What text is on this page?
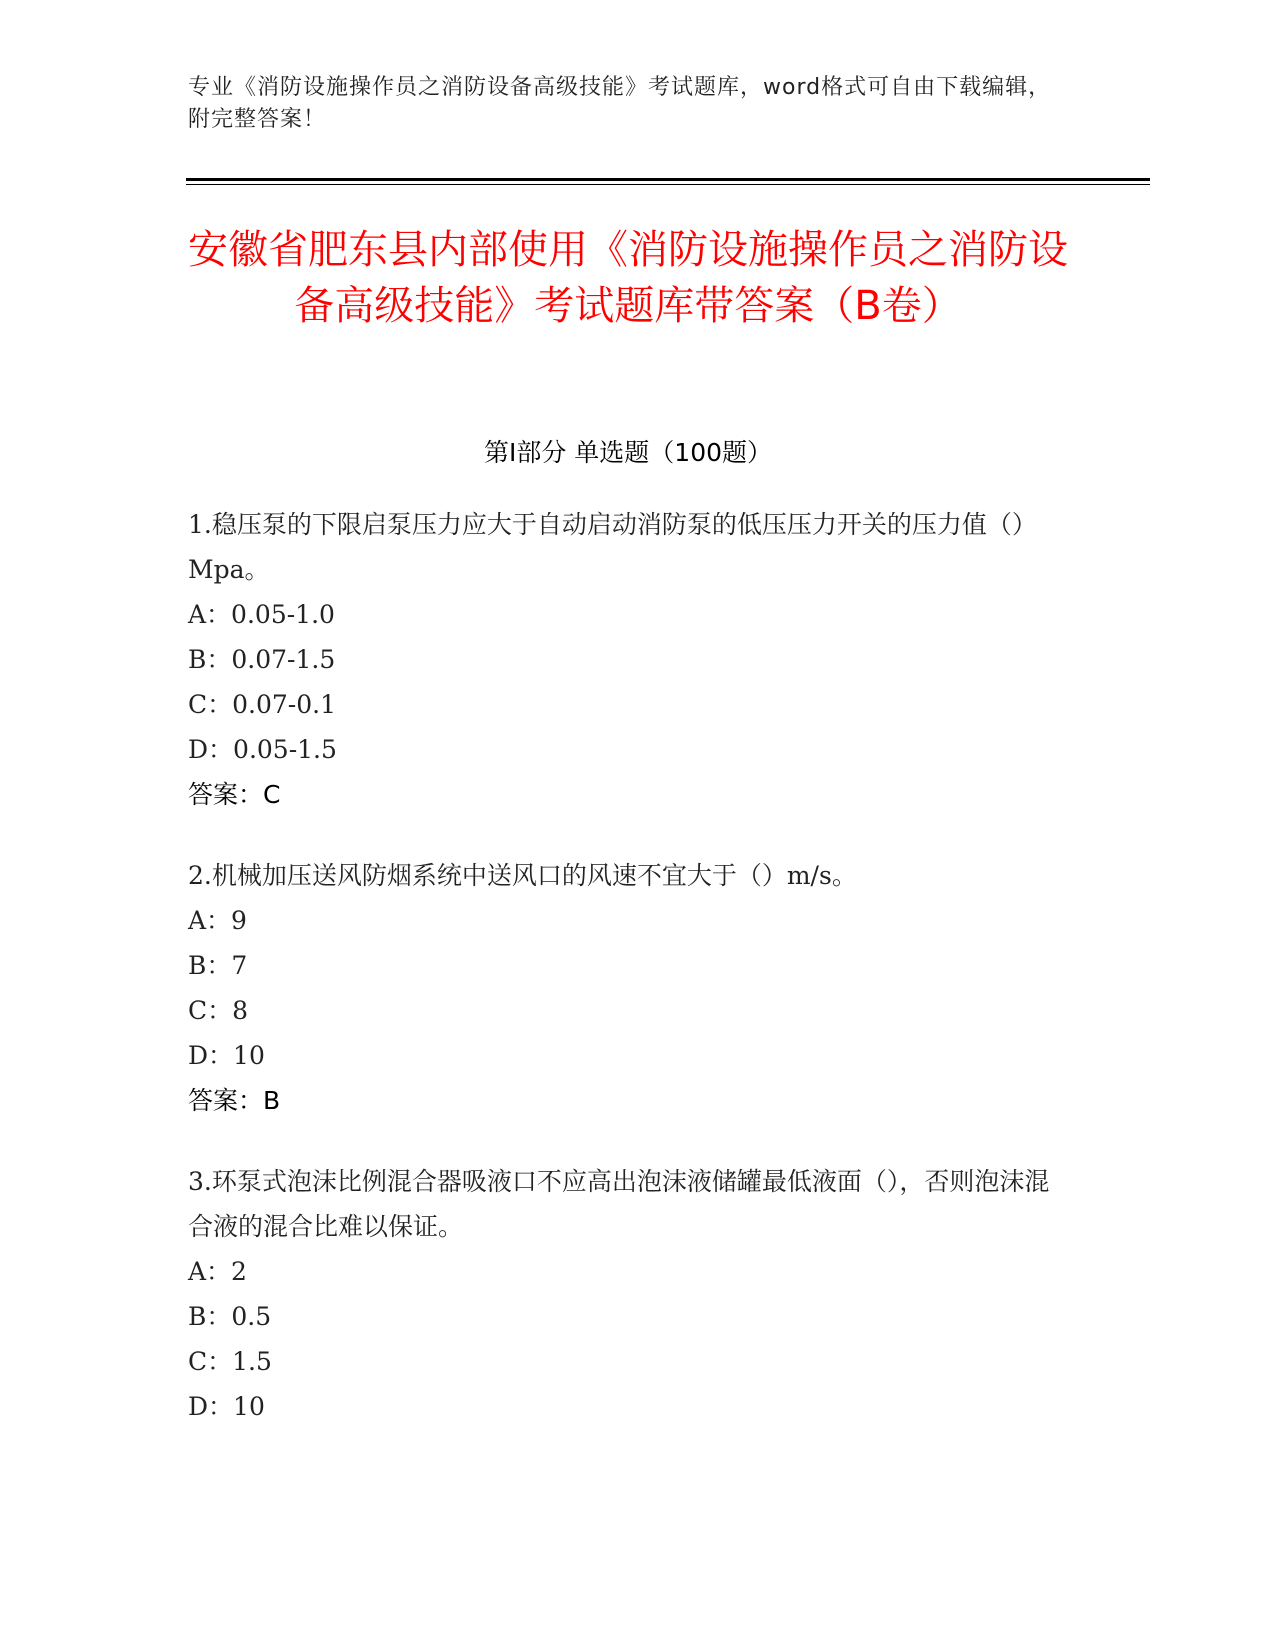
专业《消防设施操作员之消防设备高级技能》考试题库，word格式可自由下载编辑，附完整答案！
安徽省肥东县内部使用《消防设施操作员之消防设备高级技能》考试题库带答案（B卷）
第Ⅰ部分 单选题（100题）

1.稳压泵的下限启泵压力应大于自动启动消防泵的低压压力开关的压力值（）Mpa。

A：0.05-1.0

B：0.07-1.5

C：0.07-0.1

D：0.05-1.5

答案：C

2.机械加压送风防烟系统中送风口的风速不宜大于（）m/s。

A：9

B：7

C：8

D：10

答案：B

3.环泵式泡沫比例混合器吸液口不应高出泡沫液储罐最低液面（），否则泡沫混合液的混合比难以保证。

A：2

B：0.5

C：1.5

D：10
